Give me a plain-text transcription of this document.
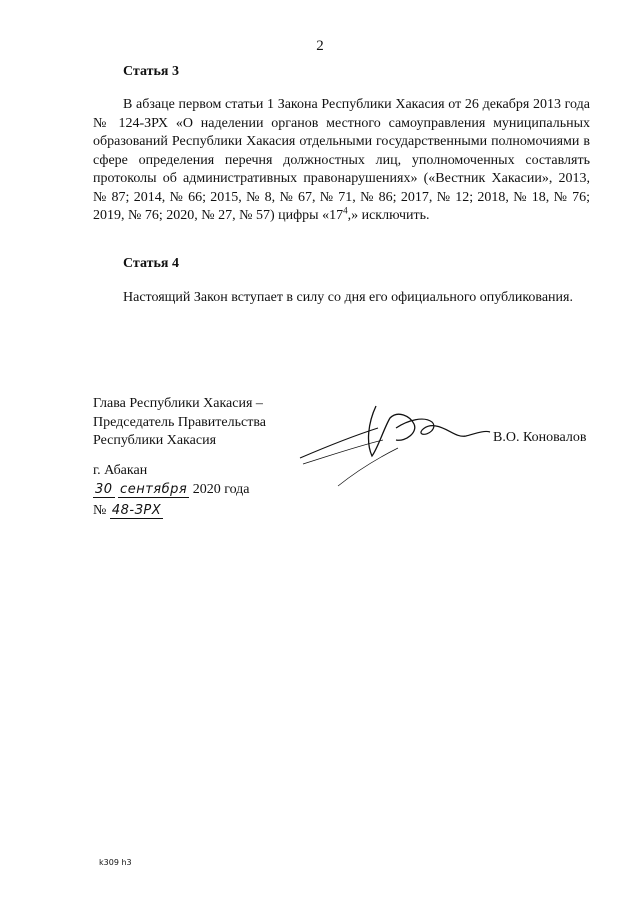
2
Статья 3
В абзаце первом статьи 1 Закона Республики Хакасия от 26 декабря 2013 года № 124-ЗРХ «О наделении органов местного самоуправления муниципальных образований Республики Хакасия отдельными государственными полномочиями в сфере определения перечня должностных лиц, уполномоченных составлять протоколы об административных правонарушениях» («Вестник Хакасии», 2013, № 87; 2014, № 66; 2015, № 8, № 67, № 71, № 86; 2017, № 12; 2018, № 18, № 76; 2019, № 76; 2020, № 27, № 57) цифры «$17^4$,» исключить.
Статья 4
Настоящий Закон вступает в силу со дня его официального опубликования.
Глава Республики Хакасия –
Председатель Правительства
Республики Хакасия	В.О. Коновалов
г. Абакан
30 сентября 2020 года
№ 48-ЗРХ
k309 h3
